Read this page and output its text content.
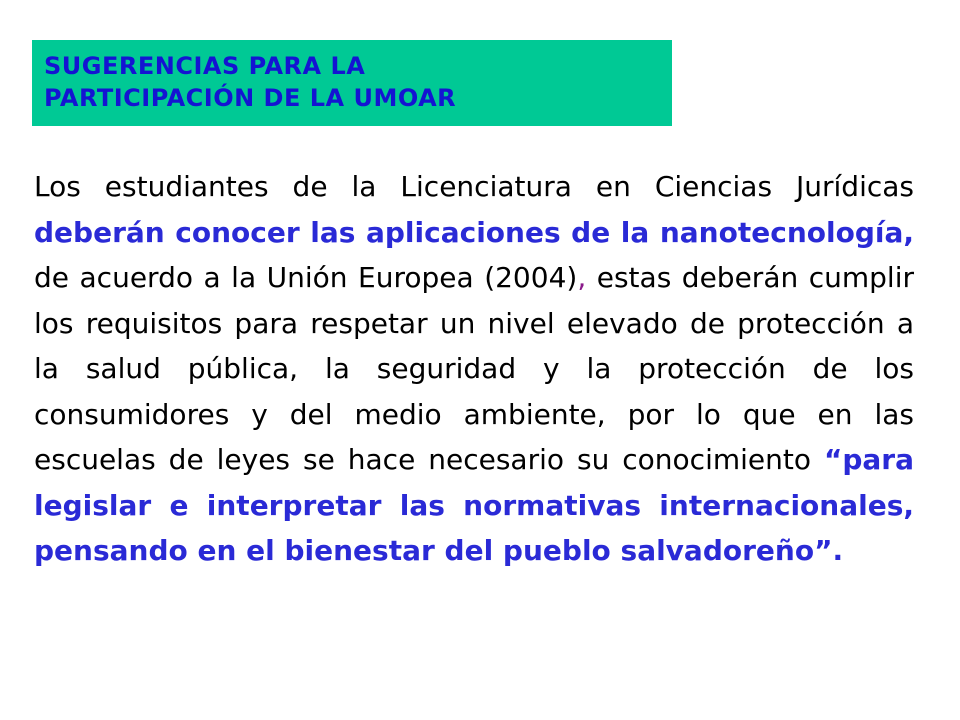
SUGERENCIAS PARA LA
PARTICIPACIÓN DE LA UMOAR

Los estudiantes de la Licenciatura en Ciencias Jurídicas deberán conocer las aplicaciones de la nanotecnología, de acuerdo a la Unión Europea (2004), estas deberán cumplir los requisitos para respetar un nivel elevado de protección a la salud pública, la seguridad y la protección de los consumidores y del medio ambiente, por lo que en las escuelas de leyes se hace necesario su conocimiento “para legislar e interpretar las normativas internacionales, pensando en el bienestar del pueblo salvadoreño”.
